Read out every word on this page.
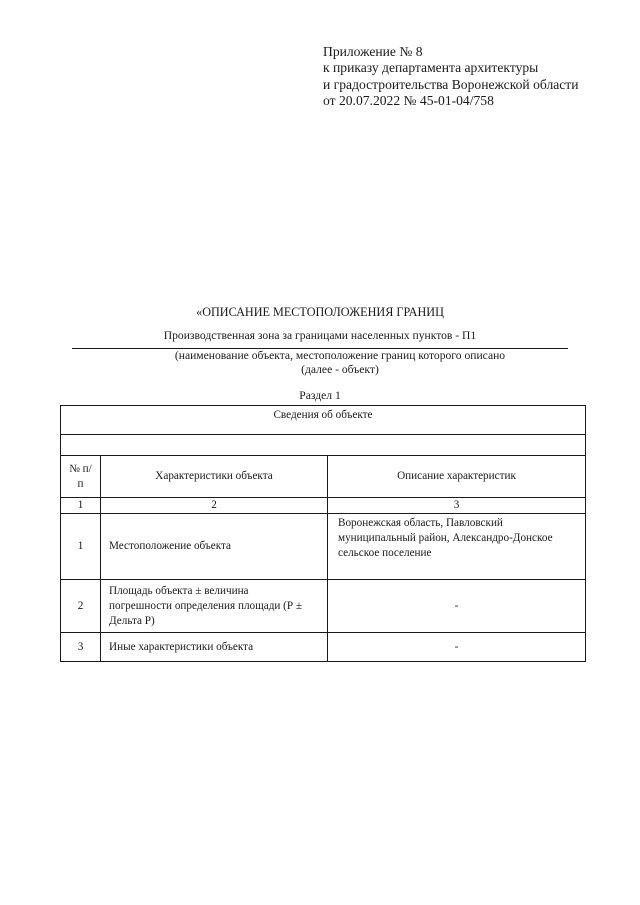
Приложение № 8
к приказу департамента архитектуры
и градостроительства Воронежской области
от 20.07.2022 № 45-01-04/758
«ОПИСАНИЕ МЕСТОПОЛОЖЕНИЯ ГРАНИЦ
Производственная зона за границами населенных пунктов - П1
(наименование объекта, местоположение границ которого описано
(далее - объект)
Раздел 1
Сведения об объекте		

№ п/п	Характеристики объекта	Описание характеристик
1	2	3
1	Местоположение объекта	Воронежская область, Павловский муниципальный район, Александро-Донское сельское поселение
2	Площадь объекта ± величина погрешности определения площади (Р ± Дельта Р)	-
3	Иные характеристики объекта	-
